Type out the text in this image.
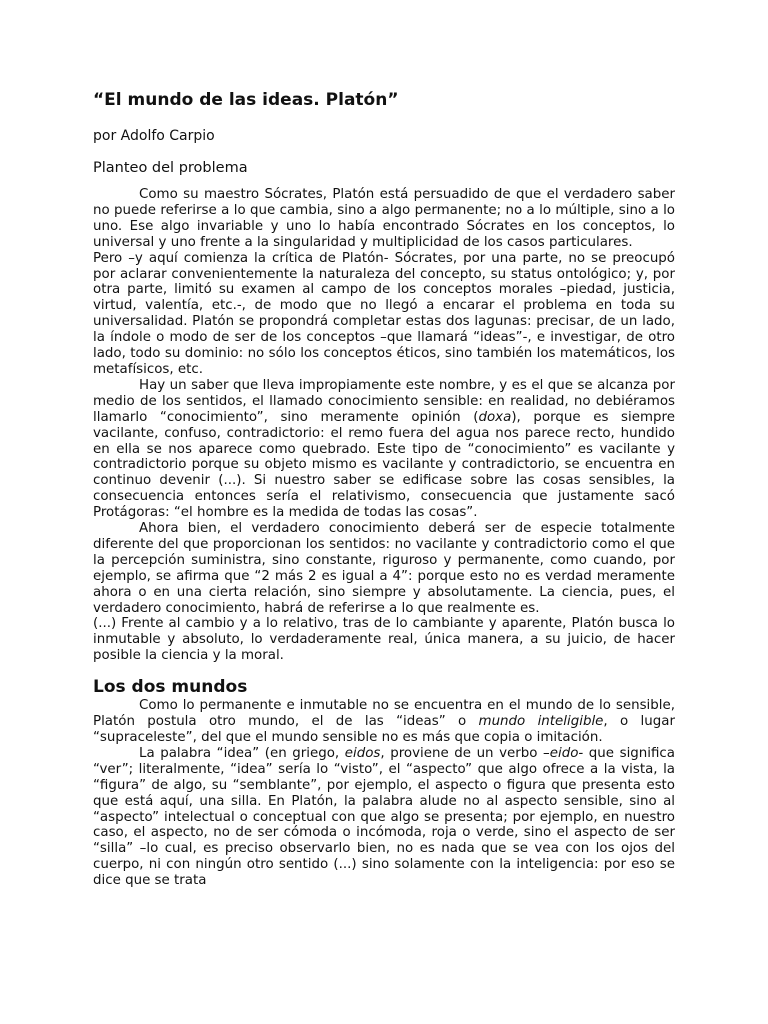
“El mundo de las ideas. Platón”
por Adolfo Carpio
Planteo del problema

Como su maestro Sócrates, Platón está persuadido de que el verdadero saber no puede referirse a lo que cambia, sino a algo permanente; no a lo múltiple, sino a lo uno. Ese algo invariable y uno lo había encontrado Sócrates en los conceptos, lo universal y uno frente a la singularidad y multiplicidad de los casos particulares.

Pero –y aquí comienza la crítica de Platón- Sócrates, por una parte, no se preocupó por aclarar convenientemente la naturaleza del concepto, su status ontológico; y, por otra parte, limitó su examen al campo de los conceptos morales –piedad, justicia, virtud, valentía, etc.-, de modo que no llegó a encarar el problema en toda su universalidad. Platón se propondrá completar estas dos lagunas: precisar, de un lado, la índole o modo de ser de los conceptos –que llamará “ideas”-, e investigar, de otro lado, todo su dominio: no sólo los conceptos éticos, sino también los matemáticos, los metafísicos, etc.

Hay un saber que lleva impropiamente este nombre, y es el que se alcanza por medio de los sentidos, el llamado conocimiento sensible: en realidad, no debiéramos llamarlo “conocimiento”, sino meramente opinión (doxa), porque es siempre vacilante, confuso, contradictorio: el remo fuera del agua nos parece recto, hundido en ella se nos aparece como quebrado. Este tipo de “conocimiento” es vacilante y contradictorio porque su objeto mismo es vacilante y contradictorio, se encuentra en continuo devenir (...). Si nuestro saber se edificase sobre las cosas sensibles, la consecuencia entonces sería el relativismo, consecuencia que justamente sacó Protágoras: “el hombre es la medida de todas las cosas”.

Ahora bien, el verdadero conocimiento deberá ser de especie totalmente diferente del que proporcionan los sentidos: no vacilante y contradictorio como el que la percepción suministra, sino constante, riguroso y permanente, como cuando, por ejemplo, se afirma que “2 más 2 es igual a 4”: porque esto no es verdad meramente ahora o en una cierta relación, sino siempre y absolutamente. La ciencia, pues, el verdadero conocimiento, habrá de referirse a lo que realmente es.

(...) Frente al cambio y a lo relativo, tras de lo cambiante y aparente, Platón busca lo inmutable y absoluto, lo verdaderamente real, única manera, a su juicio, de hacer posible la ciencia y la moral.

Los dos mundos

Como lo permanente e inmutable no se encuentra en el mundo de lo sensible, Platón postula otro mundo, el de las “ideas” o mundo inteligible, o lugar “supraceleste”, del que el mundo sensible no es más que copia o imitación.

La palabra “idea” (en griego, eidos, proviene de un verbo –eido- que significa “ver”; literalmente, “idea” sería lo “visto”, el “aspecto” que algo ofrece a la vista, la “figura” de algo, su “semblante”, por ejemplo, el aspecto o figura que presenta esto que está aquí, una silla. En Platón, la palabra alude no al aspecto sensible, sino al “aspecto” intelectual o conceptual con que algo se presenta; por ejemplo, en nuestro caso, el aspecto, no de ser cómoda o incómoda, roja o verde, sino el aspecto de ser “silla” –lo cual, es preciso observarlo bien, no es nada que se vea con los ojos del cuerpo, ni con ningún otro sentido (...) sino solamente con la inteligencia: por eso se dice que se trata
